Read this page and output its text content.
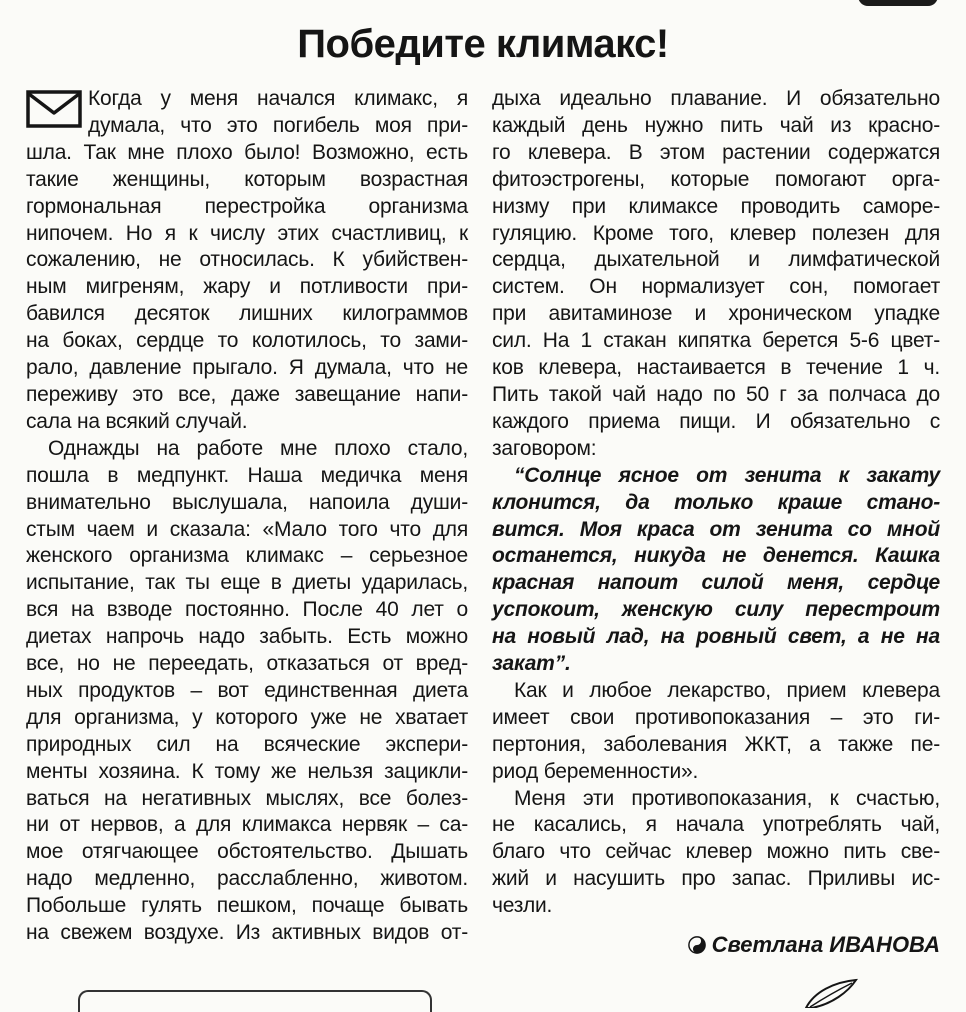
Победите климакс!

Когда у меня начался климакс, я
думала, что это погибель моя при-
шла. Так мне плохо было! Возможно, есть
такие женщины, которым возрастная
гормональная перестройка организма
нипочем. Но я к числу этих счастливиц, к
сожалению, не относилась. К убийствен-
ным мигреням, жару и потливости при-
бавился десяток лишних килограммов
на боках, сердце то колотилось, то зами-
рало, давление прыгало. Я думала, что не
переживу это все, даже завещание напи-
сала на всякий случай.

Однажды на работе мне плохо стало,
пошла в медпункт. Наша медичка меня
внимательно выслушала, напоила души-
стым чаем и сказала: «Мало того что для
женского организма климакс – серьезное
испытание, так ты еще в диеты ударилась,
вся на взводе постоянно. После 40 лет о
диетах напрочь надо забыть. Есть можно
все, но не переедать, отказаться от вред-
ных продуктов – вот единственная диета
для организма, у которого уже не хватает
природных сил на всяческие экспери-
менты хозяина. К тому же нельзя зацикли-
ваться на негативных мыслях, все болез-
ни от нервов, а для климакса нервяк – са-
мое отягчающее обстоятельство. Дышать
надо медленно, расслабленно, животом.
Побольше гулять пешком, почаще бывать
на свежем воздухе. Из активных видов от-

дыха идеально плавание. И обязательно
каждый день нужно пить чай из красно-
го клевера. В этом растении содержатся
фитоэстрогены, которые помогают орга-
низму при климаксе проводить саморе-
гуляцию. Кроме того, клевер полезен для
сердца, дыхательной и лимфатической
систем. Он нормализует сон, помогает
при авитаминозе и хроническом упадке
сил. На 1 стакан кипятка берется 5-6 цвет-
ков клевера, настаивается в течение 1 ч.
Пить такой чай надо по 50 г за полчаса до
каждого приема пищи. И обязательно с
заговором:

“Солнце ясное от зенита к закату
клонится, да только краше стано-
вится. Моя краса от зенита со мной
останется, никуда не денется. Кашка
красная напоит силой меня, сердце
успокоит, женскую силу перестроит
на новый лад, на ровный свет, а не на
закат”.

Как и любое лекарство, прием клевера
имеет свои противопоказания – это ги-
пертония, заболевания ЖКТ, а также пе-
риод беременности».

Меня эти противопоказания, к счастью,
не касались, я начала употреблять чай,
благо что сейчас клевер можно пить све-
жий и насушить про запас. Приливы ис-
чезли.

Светлана ИВАНОВА
